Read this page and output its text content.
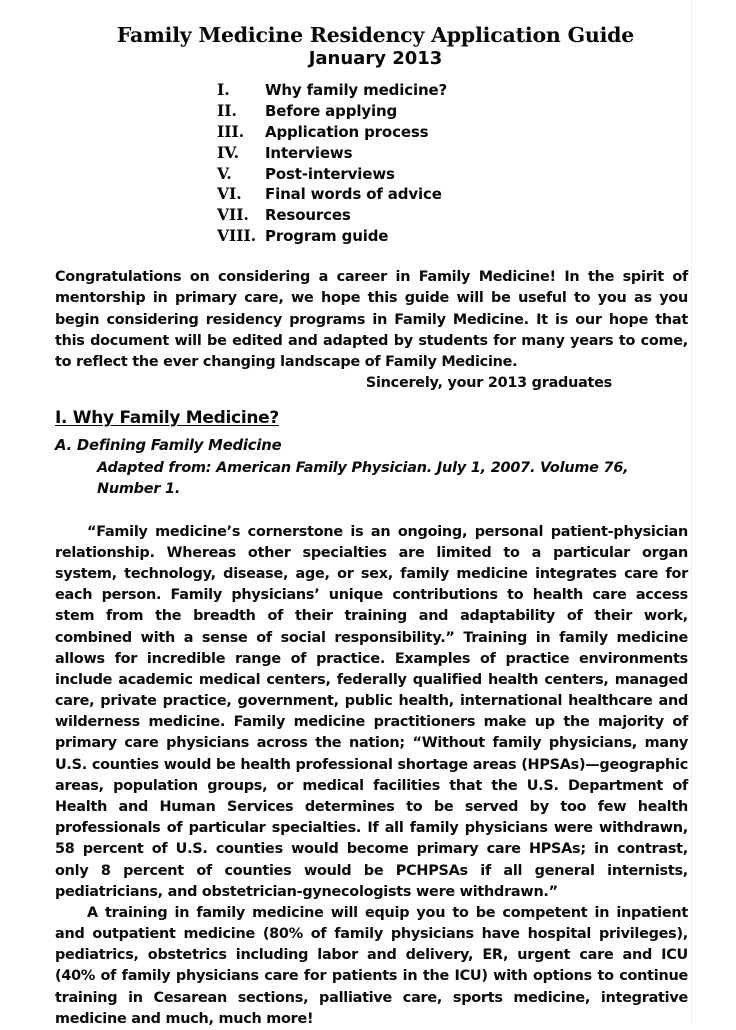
Family Medicine Residency Application Guide
January 2013
I.	Why family medicine?
II.	Before applying
III.	Application process
IV.	Interviews
V.	Post-interviews
VI.	Final words of advice
VII.	Resources
VIII. Program guide

Congratulations on considering a career in Family Medicine! In the spirit of mentorship in primary care, we hope this guide will be useful to you as you begin considering residency programs in Family Medicine. It is our hope that this document will be edited and adapted by students for many years to come, to reflect the ever changing landscape of Family Medicine.

Sincerely, your 2013 graduates

I. Why Family Medicine?
A. Defining Family Medicine

Adapted from: American Family Physician. July 1, 2007. Volume 76, Number 1.

“Family medicine’s cornerstone is an ongoing, personal patient-physician relationship. Whereas other specialties are limited to a particular organ system, technology, disease, age, or sex, family medicine integrates care for each person. Family physicians’ unique contributions to health care access stem from the breadth of their training and adaptability of their work, combined with a sense of social responsibility.” Training in family medicine allows for incredible range of practice. Examples of practice environments include academic medical centers, federally qualified health centers, managed care, private practice, government, public health, international healthcare and wilderness medicine. Family medicine practitioners make up the majority of primary care physicians across the nation; “Without family physicians, many U.S. counties would be health professional shortage areas (HPSAs)—geographic areas, population groups, or medical facilities that the U.S. Department of Health and Human Services determines to be served by too few health professionals of particular specialties. If all family physicians were withdrawn, 58 percent of U.S. counties would become primary care HPSAs; in contrast, only 8 percent of counties would be PCHPSAs if all general internists, pediatricians, and obstetrician-gynecologists were withdrawn.”

A training in family medicine will equip you to be competent in inpatient and outpatient medicine (80% of family physicians have hospital privileges), pediatrics, obstetrics including labor and delivery, ER, urgent care and ICU (40% of family physicians care for patients in the ICU) with options to continue training in Cesarean sections, palliative care, sports medicine, integrative medicine and much, much more!
